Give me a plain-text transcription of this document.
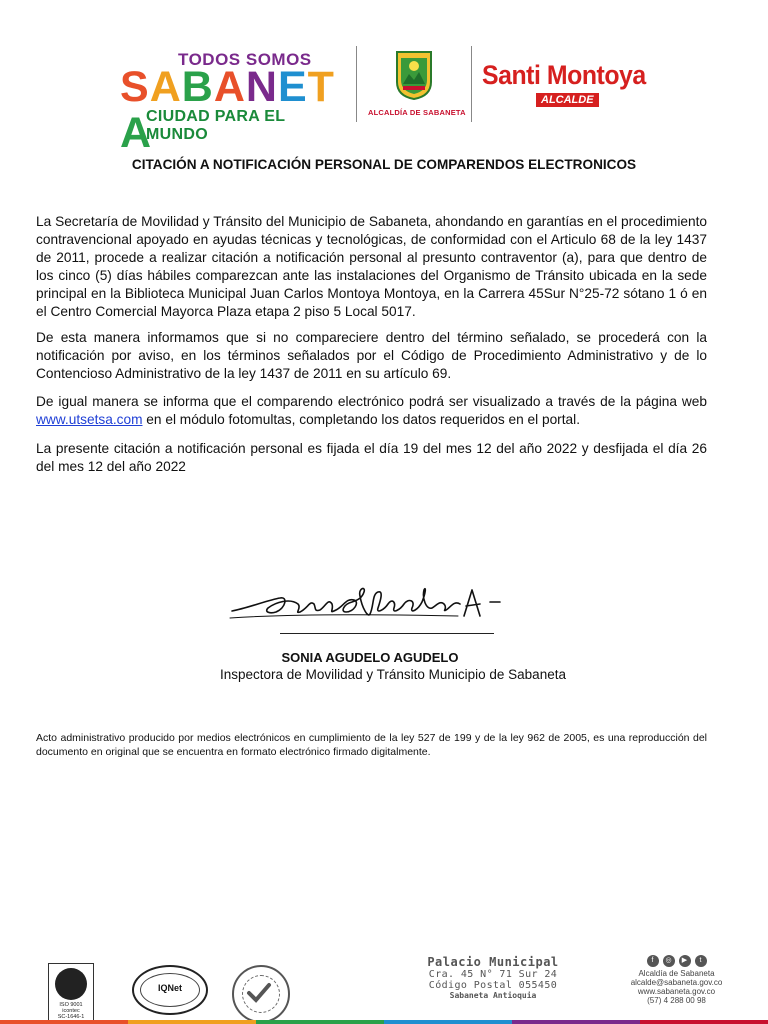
TODOS SOMOS
SABANETA
CIUDAD PARA EL MUNDO
ALCALDÍA DE SABANETA
Santi Montoya
ALCALDE
CITACIÓN A NOTIFICACIÓN PERSONAL DE COMPARENDOS ELECTRONICOS
La Secretaría de Movilidad y Tránsito del Municipio de Sabaneta, ahondando en garantías en el procedimiento contravencional apoyado en ayudas técnicas y tecnológicas, de conformidad con el Articulo 68 de la ley 1437 de 2011, procede a realizar citación a notificación personal al presunto contraventor (a), para que dentro de los cinco (5) días hábiles comparezcan ante las instalaciones del Organismo de Tránsito ubicada en la sede principal en la Biblioteca Municipal Juan Carlos Montoya Montoya, en la Carrera 45Sur N°25-72 sótano 1 ó en el Centro Comercial Mayorca Plaza etapa 2 piso 5 Local 5017.
De esta manera informamos que si no compareciere dentro del término señalado, se procederá con la notificación por aviso, en los términos señalados por el Código de Procedimiento Administrativo y de lo Contencioso Administrativo de la ley 1437 de 2011 en su artículo 69.
De igual manera se informa que el comparendo electrónico podrá ser visualizado a través de la página web www.utsetsa.com en el módulo fotomultas, completando los datos requeridos en el portal.
La presente citación a notificación personal es fijada el día 19 del mes 12 del año 2022 y desfijada el día 26 del mes 12 del año 2022
SONIA AGUDELO AGUDELO
Inspectora de Movilidad y Tránsito Municipio de Sabaneta
Acto administrativo producido por medios electrónicos en cumplimiento de la ley 527 de 199 y de la ley 962 de 2005, es una reproducción del documento en original que se encuentra en formato electrónico firmado digitalmente.
ISO 9001
icontec
SC-1646-1
IQNet
Palacio Municipal
Cra. 45 N° 71 Sur 24
Código Postal 055450
Sabaneta Antioquia
f	◎	▶	t
Alcaldía de Sabaneta
alcalde@sabaneta.gov.co
www.sabaneta.gov.co
(57) 4 288 00 98
